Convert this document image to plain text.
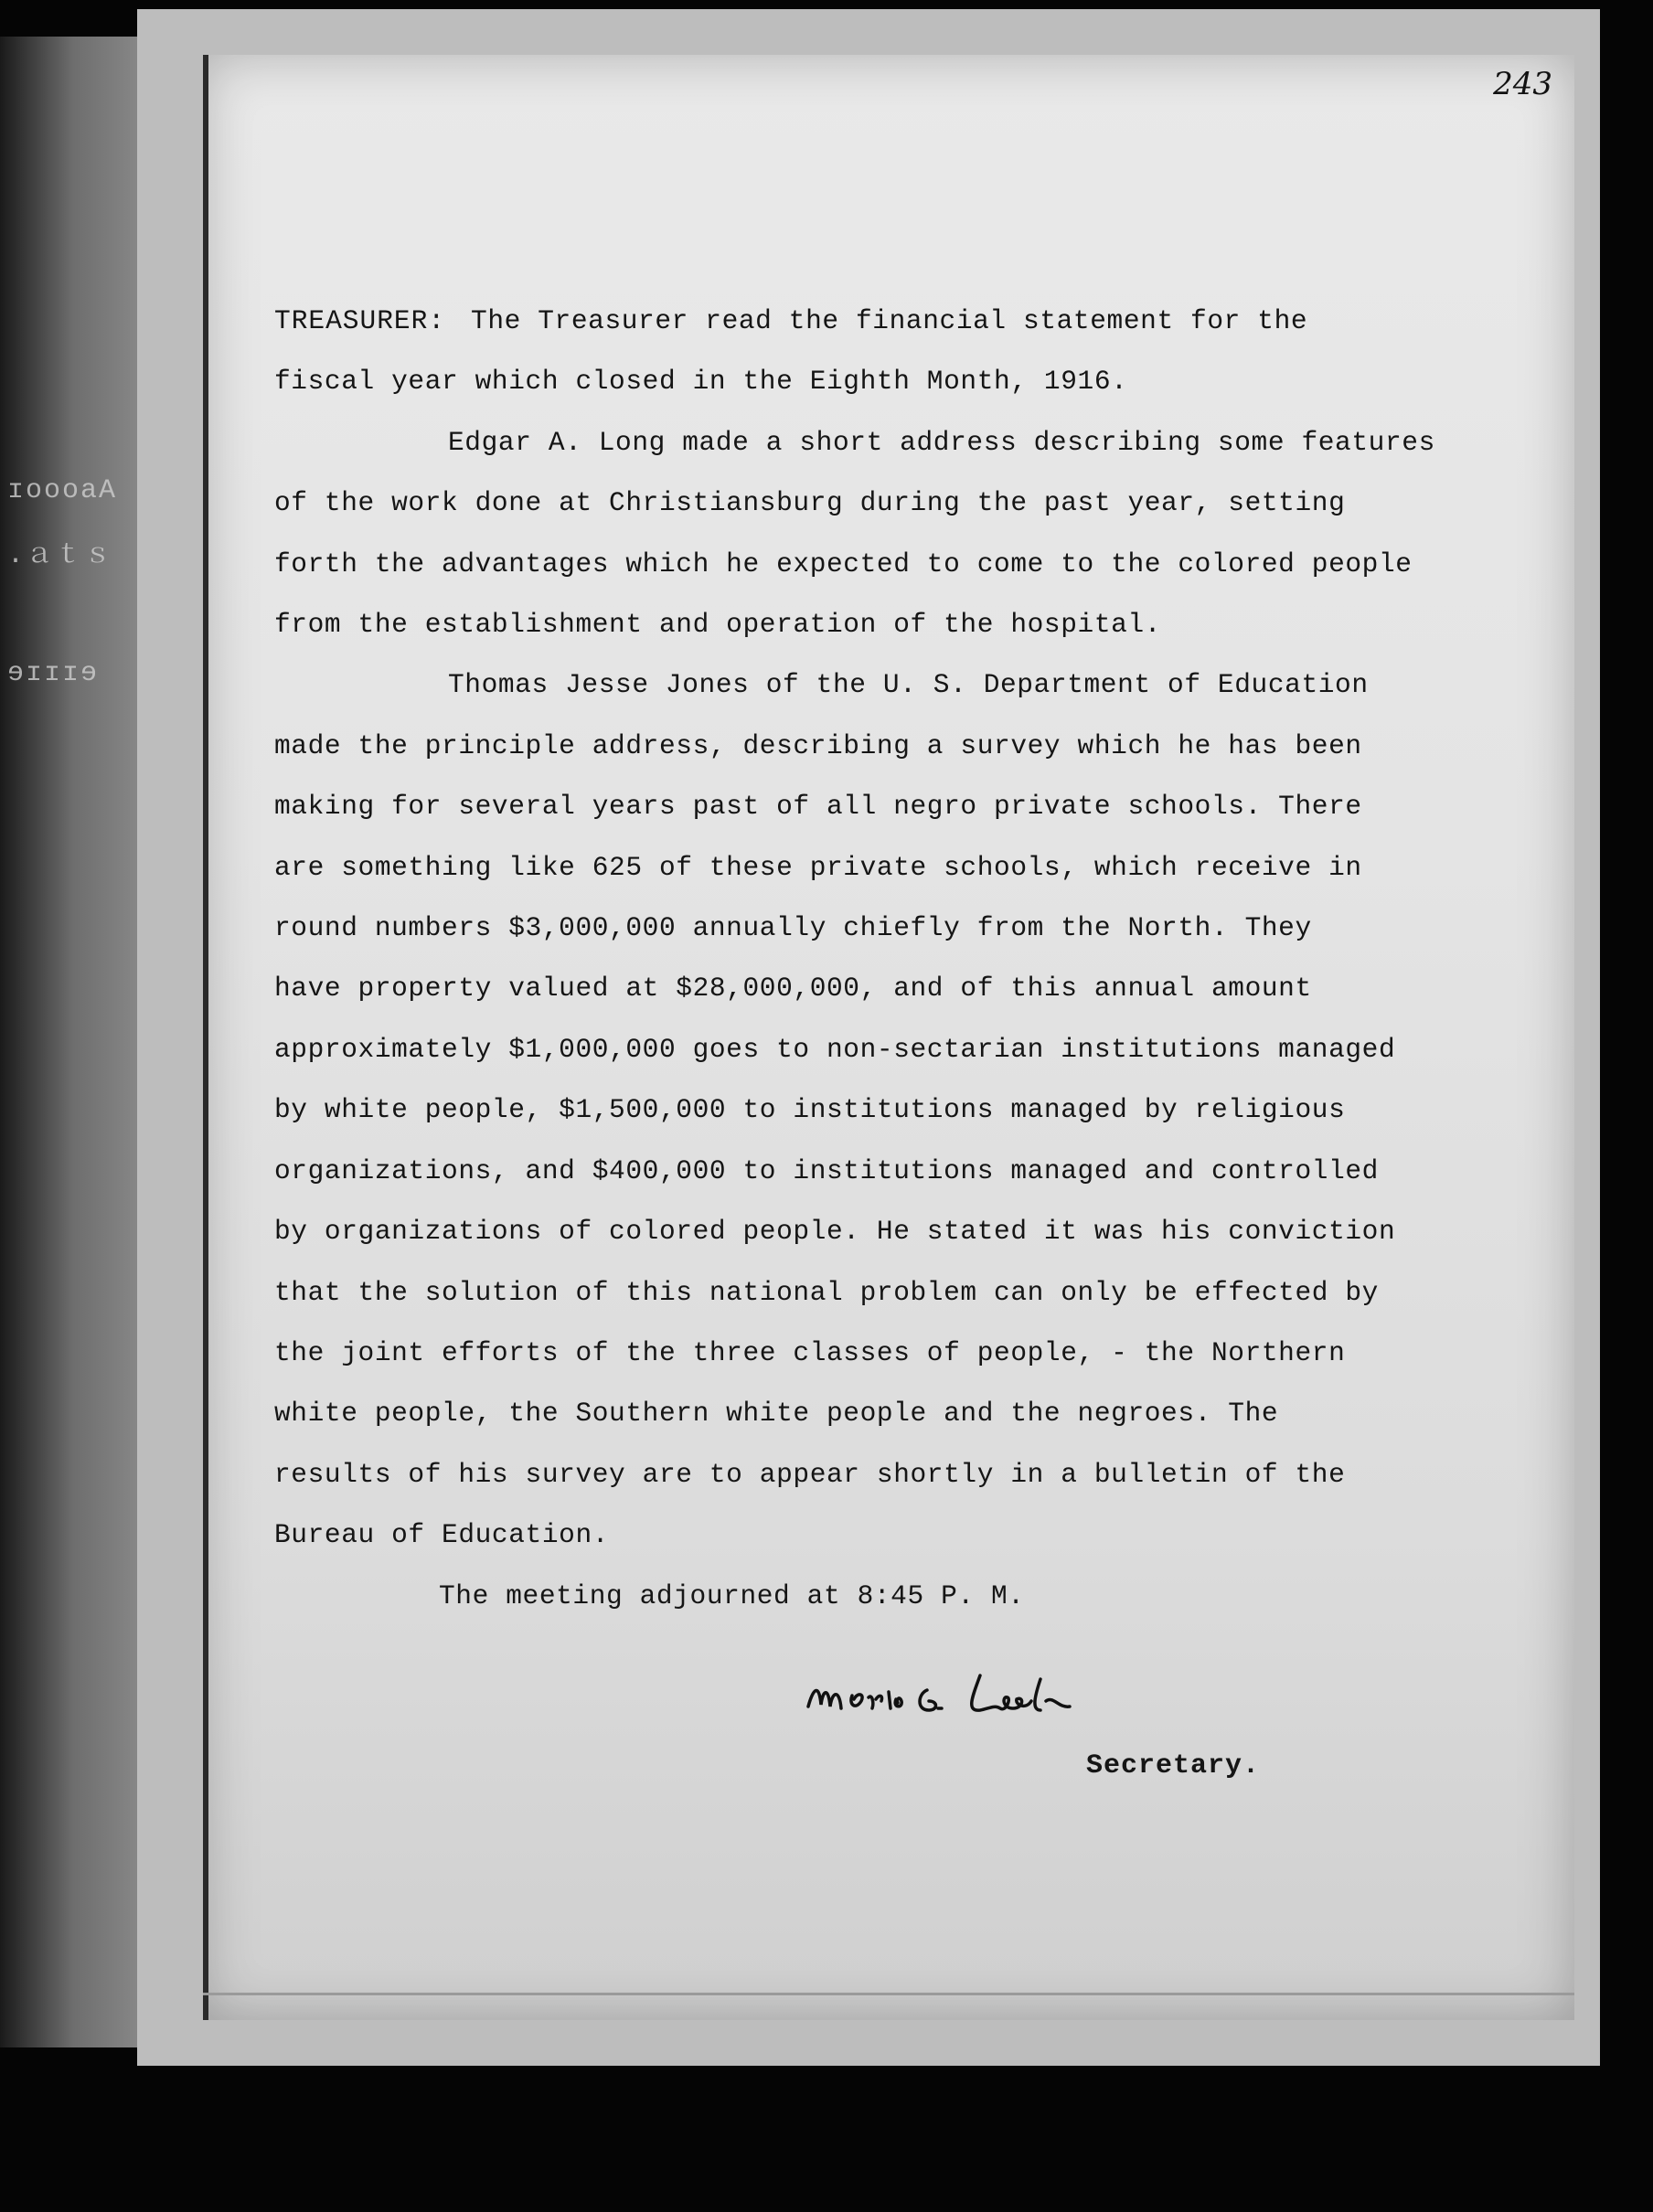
ɪoooaA
.ａｔｓ
ɘɪɪɪɘ
243

TREASURER: The Treasurer read the financial statement for the

fiscal year which closed in the Eighth Month, 1916.

Edgar A. Long made a short address describing some features

of the work done at Christiansburg during the past year, setting

forth the advantages which he expected to come to the colored people

from the establishment and operation of the hospital.

Thomas Jesse Jones of the U. S. Department of Education

made the principle address, describing a survey which he has been

making for several years past of all negro private schools. There

are something like 625 of these private schools, which receive in

round numbers $3,000,000 annually chiefly from the North. They

have property valued at $28,000,000, and of this annual amount

approximately $1,000,000 goes to non-sectarian institutions managed

by white people, $1,500,000 to institutions managed by religious

organizations, and $400,000 to institutions managed and controlled

by organizations of colored people. He stated it was his conviction

that the solution of this national problem can only be effected by

the joint efforts of the three classes of people, - the Northern

white people, the Southern white people and the negroes. The

results of his survey are to appear shortly in a bulletin of the

Bureau of Education.

The meeting adjourned at 8:45 P. M.

Morris E. Leeds
Secretary.
